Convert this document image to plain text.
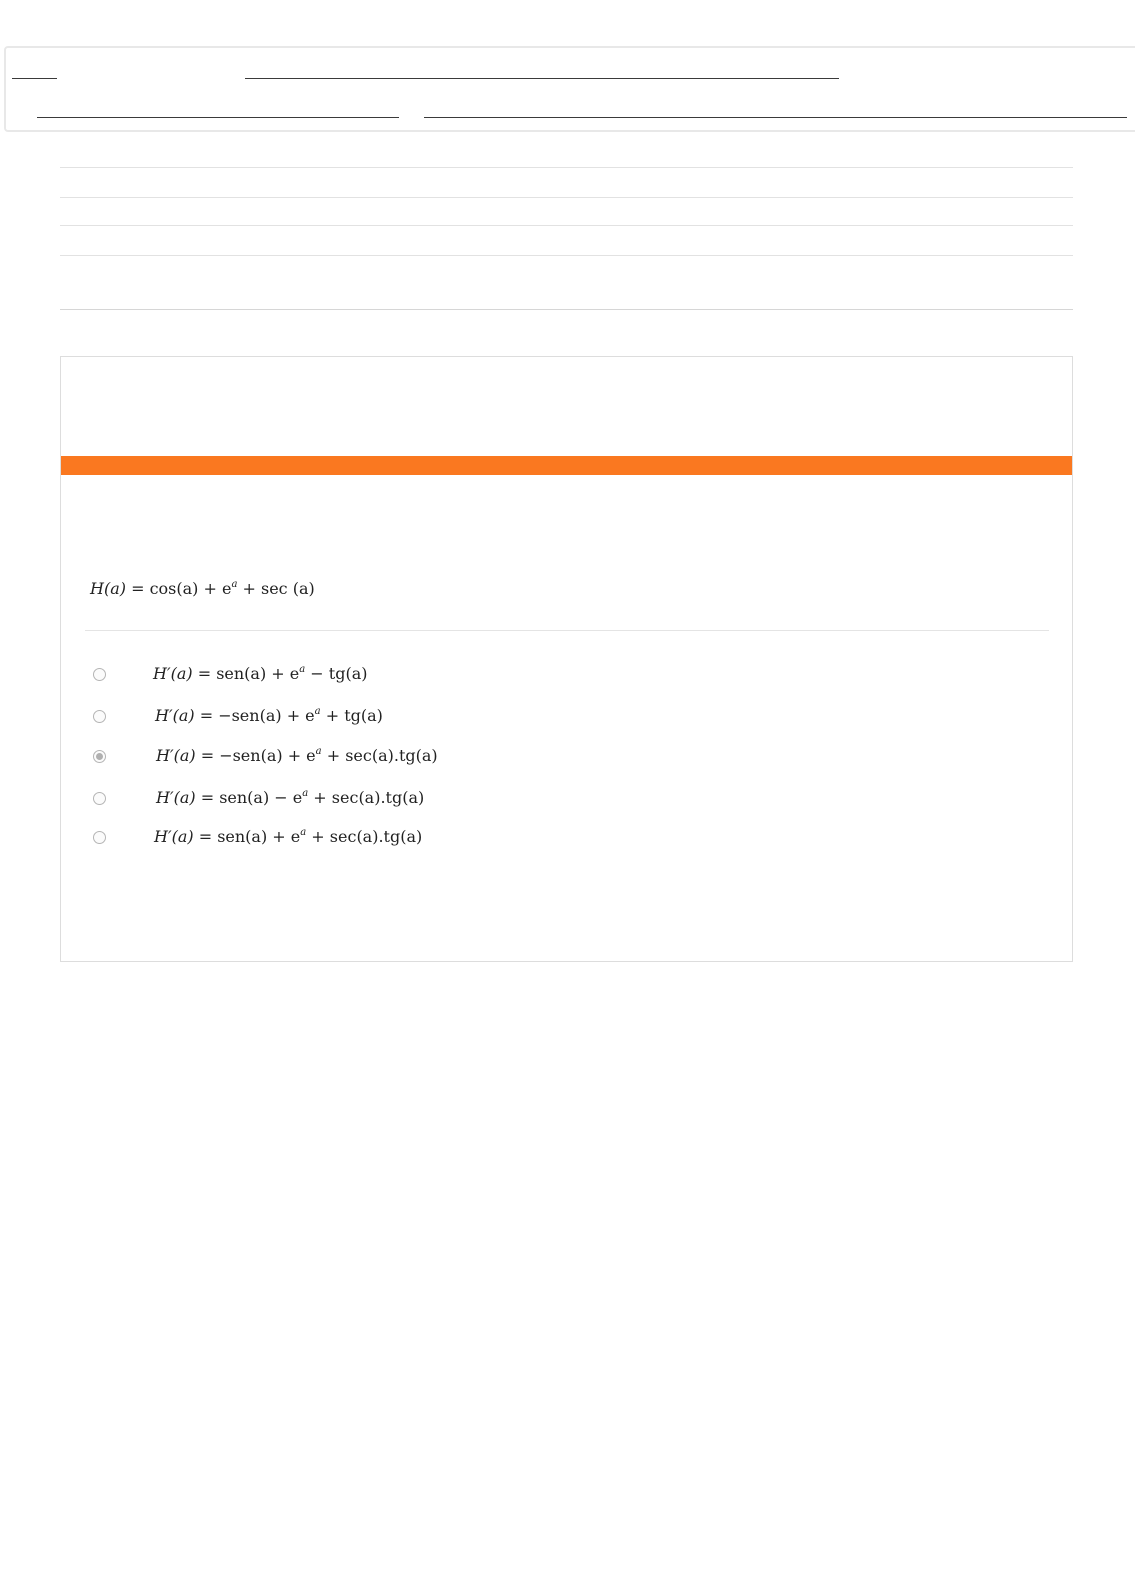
$H(a) = \cos(a) + e^a + \sec (a)$
$H'(a) = sen(a) + e^a - tg(a)$
$H'(a) = -sen(a) + e^a + tg(a)$
$H'(a) = -sen(a) + e^a + \sec(a).tg(a)$
$H'(a) = sen(a) - e^a + \sec(a).tg(a)$
$H'(a) = sen(a) + e^a + \sec(a).tg(a)$
